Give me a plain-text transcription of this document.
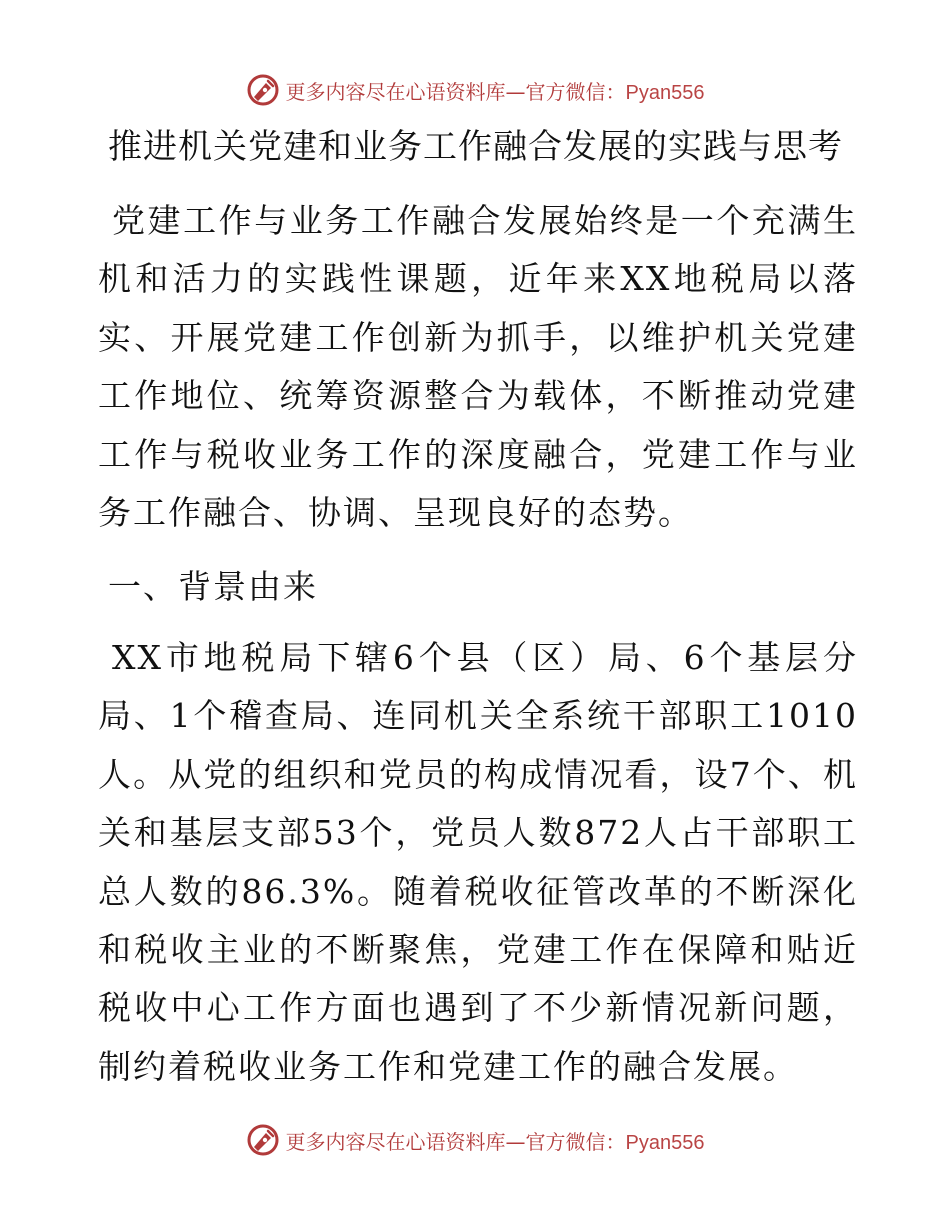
更多内容尽在心语资料库—官方微信：Pyan556
推进机关党建和业务工作融合发展的实践与思考

党建工作与业务工作融合发展始终是一个充满生机和活力的实践性课题，近年来XX地税局以落实、开展党建工作创新为抓手，以维护机关党建工作地位、统筹资源整合为载体，不断推动党建工作与税收业务工作的深度融合，党建工作与业务工作融合、协调、呈现良好的态势。

一、背景由来

XX市地税局下辖6个县（区）局、6个基层分局、1个稽查局、连同机关全系统干部职工1010人。从党的组织和党员的构成情况看，设7个、机关和基层支部53个，党员人数872人占干部职工总人数的86.3%。随着税收征管改革的不断深化和税收主业的不断聚焦，党建工作在保障和贴近税收中心工作方面也遇到了不少新情况新问题，制约着税收业务工作和党建工作的融合发展。

更多内容尽在心语资料库—官方微信：Pyan556
